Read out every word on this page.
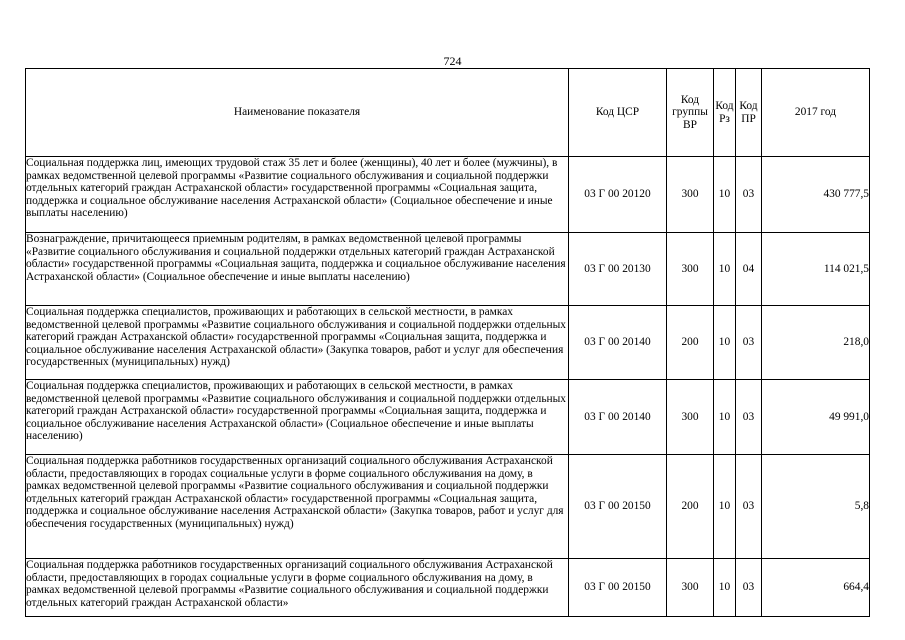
724
Наименование показателя	Код ЦСР	Код группы ВР	Код Рз	Код ПР	2017 год
Социальная поддержка лиц, имеющих трудовой стаж 35 лет и более (женщины), 40 лет и более (мужчины), в рамках ведомственной целевой программы «Развитие социального обслуживания и социальной поддержки отдельных категорий граждан Астраханской области» государственной программы «Социальная защита, поддержка и социальное обслуживание населения Астраханской области» (Социальное обеспечение и иные выплаты населению)	03 Г 00 20120	300	10	03	430 777,5
Вознаграждение, причитающееся приемным родителям, в рамках ведомственной целевой программы «Развитие социального обслуживания и социальной поддержки отдельных категорий граждан Астраханской области» государственной программы «Социальная защита, поддержка и социальное обслуживание населения Астраханской области» (Социальное обеспечение и иные выплаты населению)	03 Г 00 20130	300	10	04	114 021,5
Социальная поддержка специалистов, проживающих и работающих в сельской местности, в рамках ведомственной целевой программы «Развитие социального обслуживания и социальной поддержки отдельных категорий граждан Астраханской области» государственной программы «Социальная защита, поддержка и социальное обслуживание населения Астраханской области» (Закупка товаров, работ и услуг для обеспечения государственных (муниципальных) нужд)	03 Г 00 20140	200	10	03	218,0
Социальная поддержка специалистов, проживающих и работающих в сельской местности, в рамках ведомственной целевой программы «Развитие социального обслуживания и социальной поддержки отдельных категорий граждан Астраханской области» государственной программы «Социальная защита, поддержка и социальное обслуживание населения Астраханской области» (Социальное обеспечение и иные выплаты населению)	03 Г 00 20140	300	10	03	49 991,0
Социальная поддержка работников государственных организаций социального обслуживания Астраханской области, предоставляющих в городах социальные услуги в форме социального обслуживания на дому, в рамках ведомственной целевой программы «Развитие социального обслуживания и социальной поддержки отдельных категорий граждан Астраханской области» государственной программы «Социальная защита, поддержка и социальное обслуживание населения Астраханской области» (Закупка товаров, работ и услуг для обеспечения государственных (муниципальных) нужд)	03 Г 00 20150	200	10	03	5,8

Социальная поддержка работников государственных организаций социального обслуживания Астраханской области, предоставляющих в городах социальные услуги в форме социального обслуживания на дому, в рамках ведомственной целевой программы «Развитие социального обслуживания и социальной поддержки отдельных категорий граждан Астраханской области»	03 Г 00 20150	300	10	03	664,4
